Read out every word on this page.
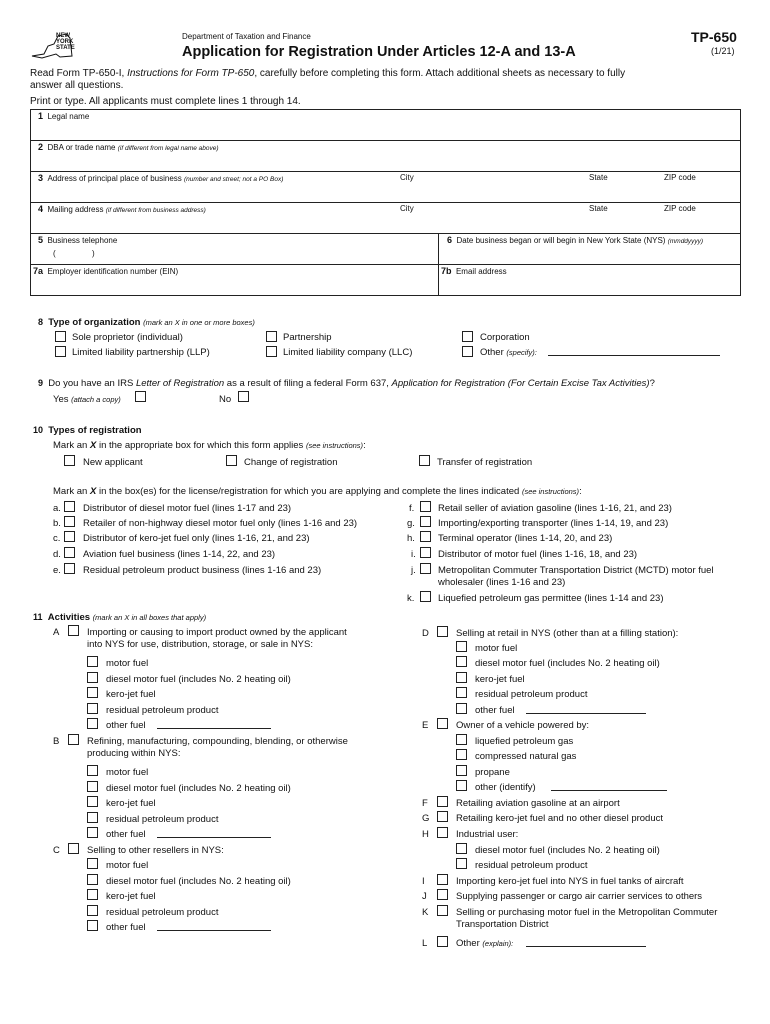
NEW
YORK
STATE
Department of Taxation and Finance
Application for Registration Under Articles 12-A and 13-A
TP-650
(1/21)
Read Form TP-650-I, Instructions for Form TP-650, carefully before completing this form. Attach additional sheets as necessary to fully
answer all questions.
Print or type. All applicants must complete lines 1 through 14.
1 Legal name
2 DBA or trade name (if different from legal name above)
3 Address of principal place of business (number and street; not a PO Box)	City	State	ZIP code
4 Mailing address (if different from business address)	City	State	ZIP code
5 Business telephone
(	)
6 Date business began or will begin in New York State (NYS) (mmddyyyy)
7a Employer identification number (EIN)	7b Email address
8 Type of organization (mark an X in one or more boxes)
Sole proprietor (individual)	Partnership	Corporation
Limited liability partnership (LLP)	Limited liability company (LLC)	Other (specify):
9 Do you have an IRS Letter of Registration as a result of filing a federal Form 637, Application for Registration (For Certain Excise Tax Activities)?
Yes (attach a copy)	No
10 Types of registration
Mark an X in the appropriate box for which this form applies (see instructions):
New applicant	Change of registration	Transfer of registration
Mark an X in the box(es) for the license/registration for which you are applying and complete the lines indicated (see instructions):
a. Distributor of diesel motor fuel (lines 1-17 and 23)
b. Retailer of non-highway diesel motor fuel only (lines 1-16 and 23)
c. Distributor of kero-jet fuel only (lines 1-16, 21, and 23)
d. Aviation fuel business (lines 1-14, 22, and 23)
e. Residual petroleum product business (lines 1-16 and 23)
f. Retail seller of aviation gasoline (lines 1-16, 21, and 23)
g. Importing/exporting transporter (lines 1-14, 19, and 23)
h. Terminal operator (lines 1-14, 20, and 23)
i. Distributor of motor fuel (lines 1-16, 18, and 23)
j. Metropolitan Commuter Transportation District (MCTD) motor fuel
wholesaler (lines 1-16 and 23)
k. Liquefied petroleum gas permittee (lines 1-14 and 23)
11 Activities (mark an X in all boxes that apply)
A	Importing or causing to import product owned by the applicant
into NYS for use, distribution, storage, or sale in NYS:
motor fuel
diesel motor fuel (includes No. 2 heating oil)
kero-jet fuel
residual petroleum product
other fuel
B	Refining, manufacturing, compounding, blending, or otherwise
producing within NYS:
motor fuel
diesel motor fuel (includes No. 2 heating oil)
kero-jet fuel
residual petroleum product
other fuel
C	Selling to other resellers in NYS:
motor fuel
diesel motor fuel (includes No. 2 heating oil)
kero-jet fuel
residual petroleum product
other fuel
D	Selling at retail in NYS (other than at a filling station):
motor fuel
diesel motor fuel (includes No. 2 heating oil)
kero-jet fuel
residual petroleum product
other fuel
E	Owner of a vehicle powered by:
liquefied petroleum gas
compressed natural gas
propane
other (identify)
F	Retailing aviation gasoline at an airport
G	Retailing kero-jet fuel and no other diesel product
H	Industrial user:
diesel motor fuel (includes No. 2 heating oil)
residual petroleum product
I	Importing kero-jet fuel into NYS in fuel tanks of aircraft
J	Supplying passenger or cargo air carrier services to others
K	Selling or purchasing motor fuel in the Metropolitan Commuter
Transportation District
L	Other (explain):
